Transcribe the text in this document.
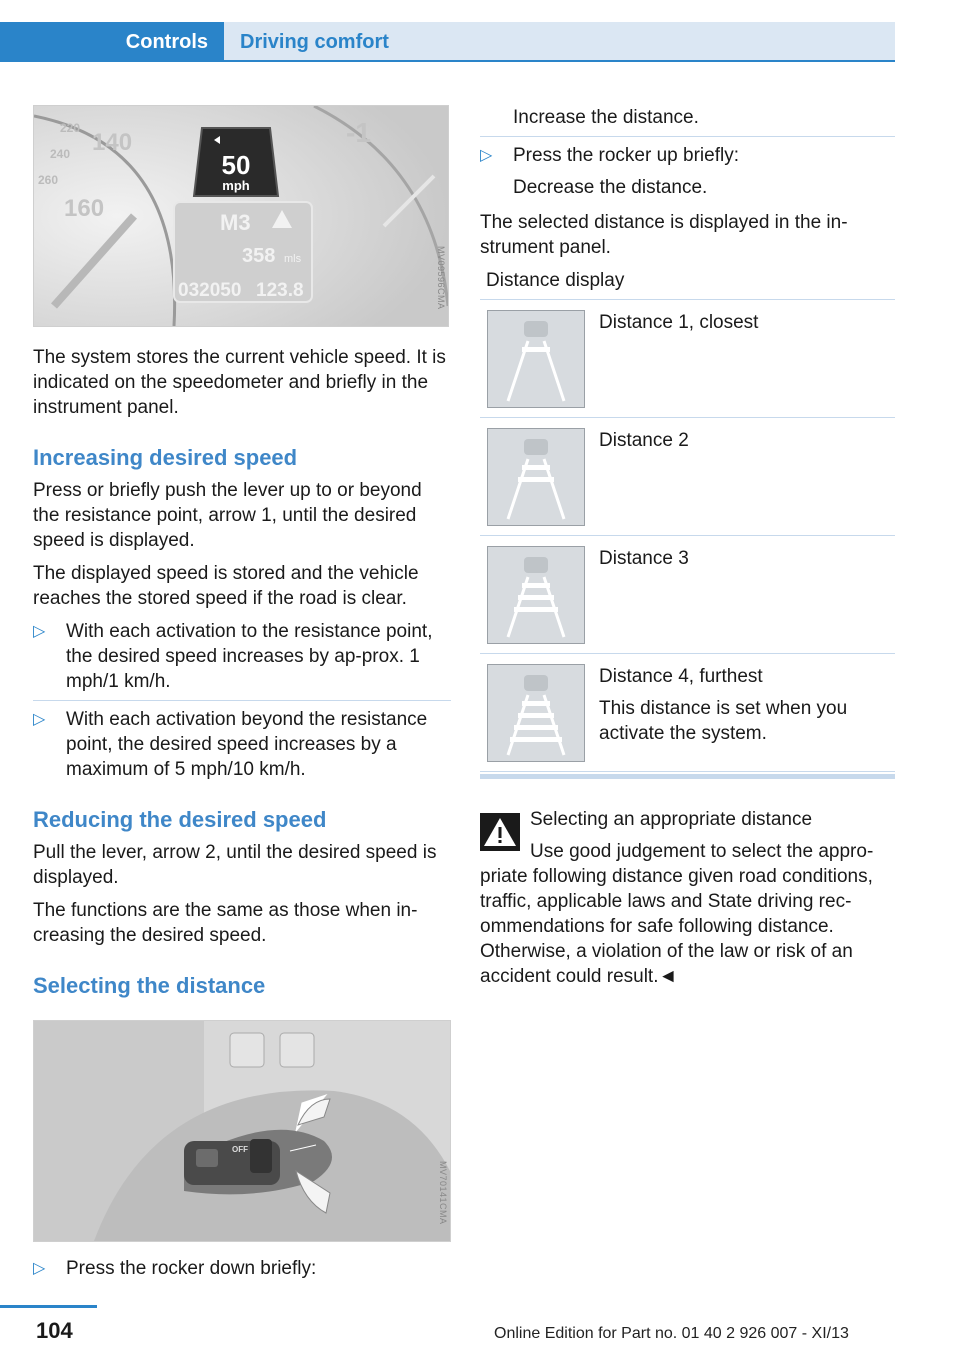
Controls	Driving comfort
220
240
260
160
140	-1
50
mph
M3
358 mls
032050 123.8	MV09596CMA

The system stores the current vehicle speed. It is indicated on the speedometer and briefly in the instrument panel.

Increasing desired speed

Press or briefly push the lever up to or beyond the resistance point, arrow 1, until the desired speed is displayed.

The displayed speed is stored and the vehicle reaches the stored speed if the road is clear.

▷ With each activation to the resistance point, the desired speed increases by ap-prox. 1 mph/1 km/h.
▷ With each activation beyond the resistance point, the desired speed increases by a maximum of 5 mph/10 km/h.
Reducing the desired speed

Pull the lever, arrow 2, until the desired speed is displayed.

The functions are the same as those when in-creasing the desired speed.

Selecting the distance
OFF
MV70141CMA
▷ Press the rocker down briefly:

Increase the distance.

▷ Press the rocker up briefly:

Decrease the distance.

The selected distance is displayed in the in-strument panel.

Distance display
Distance 1, closest
Distance 2
Distance 3
Distance 4, furthest
This distance is set when you activate the system.
Selecting an appropriate distance
Use good judgement to select the appro-priate following distance given road conditions, traffic, applicable laws and State driving rec-ommendations for safe following distance. Otherwise, a violation of the law or risk of an accident could result.◄
104	Online Edition for Part no. 01 40 2 926 007 - XI/13
